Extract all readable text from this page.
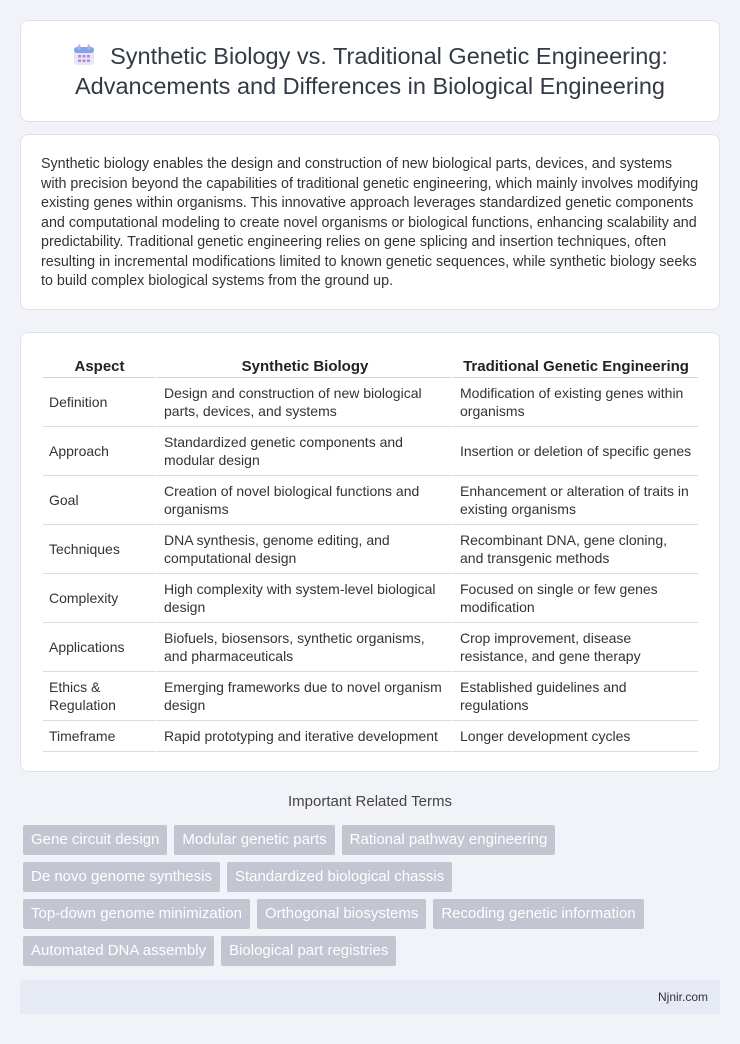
Synthetic Biology vs. Traditional Genetic Engineering: Advancements and Differences in Biological Engineering

Synthetic biology enables the design and construction of new biological parts, devices, and systems with precision beyond the capabilities of traditional genetic engineering, which mainly involves modifying existing genes within organisms. This innovative approach leverages standardized genetic components and computational modeling to create novel organisms or biological functions, enhancing scalability and predictability. Traditional genetic engineering relies on gene splicing and insertion techniques, often resulting in incremental modifications limited to known genetic sequences, while synthetic biology seeks to build complex biological systems from the ground up.

Aspect	Synthetic Biology	Traditional Genetic Engineering
Definition	Design and construction of new biological parts, devices, and systems	Modification of existing genes within organisms
Approach	Standardized genetic components and modular design	Insertion or deletion of specific genes
Goal	Creation of novel biological functions and organisms	Enhancement or alteration of traits in existing organisms
Techniques	DNA synthesis, genome editing, and computational design	Recombinant DNA, gene cloning, and transgenic methods
Complexity	High complexity with system-level biological design	Focused on single or few genes modification
Applications	Biofuels, biosensors, synthetic organisms, and pharmaceuticals	Crop improvement, disease resistance, and gene therapy
Ethics & Regulation	Emerging frameworks due to novel organism design	Established guidelines and regulations
Timeframe	Rapid prototyping and iterative development	Longer development cycles
Important Related Terms
Gene circuit design	Modular genetic parts	Rational pathway engineering
De novo genome synthesis	Standardized biological chassis
Top-down genome minimization	Orthogonal biosystems	Recoding genetic information
Automated DNA assembly	Biological part registries
Njnir.com
